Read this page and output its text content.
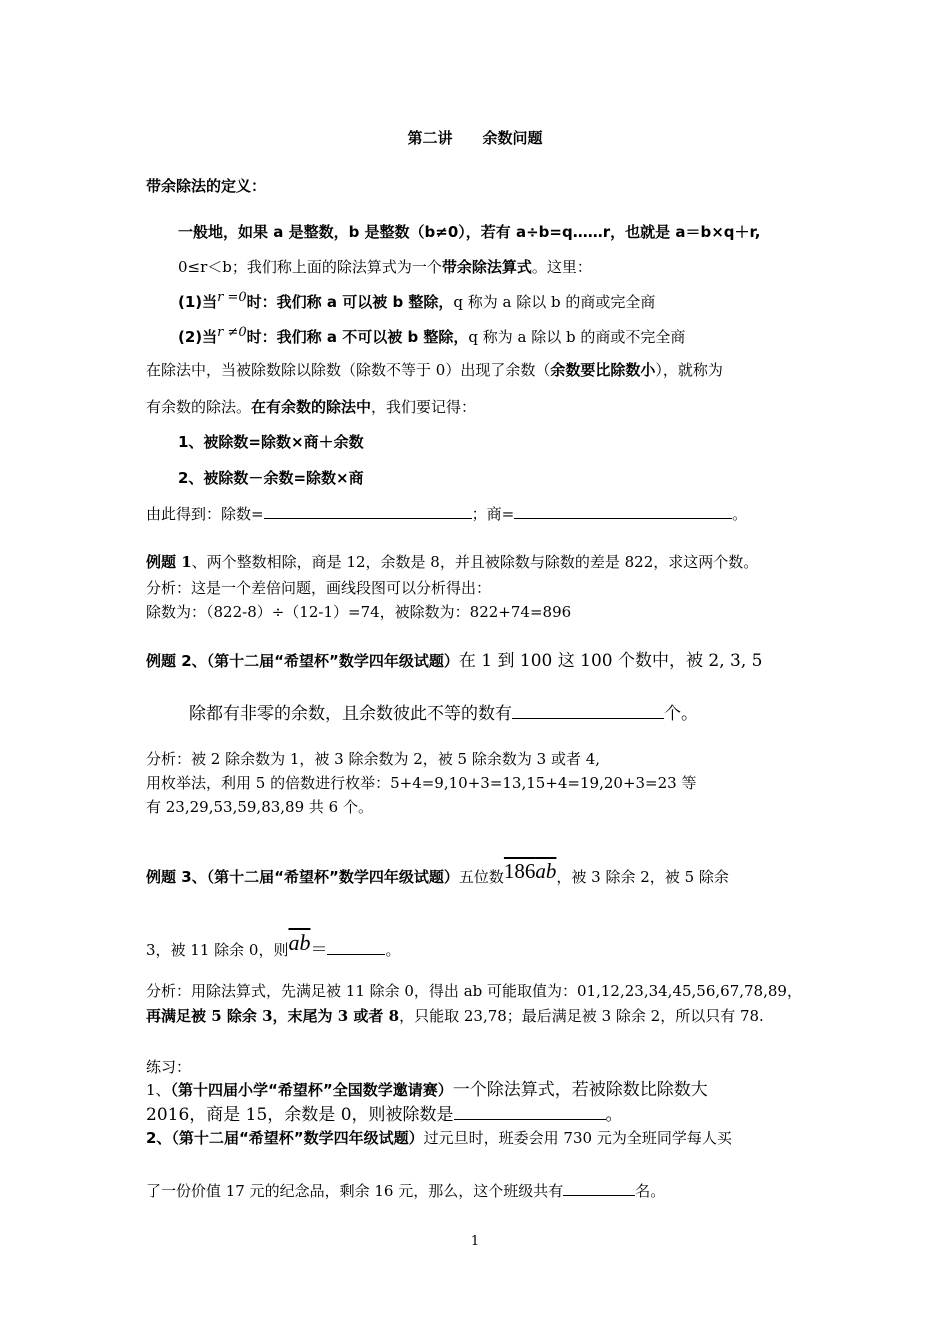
第二讲　　余数问题
带余除法的定义：
一般地，如果 a 是整数，b 是整数（b≠0），若有 a÷b=q……r，也就是 a＝b×q＋r,
0≤r＜b；我们称上面的除法算式为一个带余除法算式。这里：
(1)当r =0时：我们称 a 可以被 b 整除，q 称为 a 除以 b 的商或完全商
(2)当r ≠0时：我们称 a 不可以被 b 整除，q 称为 a 除以 b 的商或不完全商
在除法中，当被除数除以除数（除数不等于 0）出现了余数（余数要比除数小），就称为
有余数的除法。在有余数的除法中，我们要记得：
1、被除数=除数×商＋余数
2、被除数－余数=除数×商
由此得到：除数=	；商=	。
例题 1、两个整数相除，商是 12，余数是 8，并且被除数与除数的差是 822，求这两个数。
分析：这是一个差倍问题，画线段图可以分析得出：
除数为：（822-8）÷（12-1）=74，被除数为：822+74=896
例题 2、（第十二届“希望杯”数学四年级试题）在 1 到 100 这 100 个数中，被 2, 3, 5
除都有非零的余数，且余数彼此不等的数有	个。
分析：被 2 除余数为 1，被 3 除余数为 2，被 5 除余数为 3 或者 4,
用枚举法，利用 5 的倍数进行枚举：5+4=9,10+3=13,15+4=19,20+3=23 等
有 23,29,53,59,83,89 共 6 个。
例题 3、（第十二届“希望杯”数学四年级试题）五位数186ab，被 3 除余 2，被 5 除余
3，被 11 除余 0，则$\overline{ab}=$	。
分析：用除法算式，先满足被 11 除余 0，得出 ab 可能取值为：01,12,23,34,45,56,67,78,89，
再满足被 5 除余 3，末尾为 3 或者 8，只能取 23,78；最后满足被 3 除余 2，所以只有 78.
练习：
1、（第十四届小学“希望杯”全国数学邀请赛）一个除法算式，若被除数比除数大
2016，商是 15，余数是 0，则被除数是	。
2、（第十二届“希望杯”数学四年级试题）过元旦时，班委会用 730 元为全班同学每人买
了一份价值 17 元的纪念品，剩余 16 元，那么，这个班级共有	名。
1
